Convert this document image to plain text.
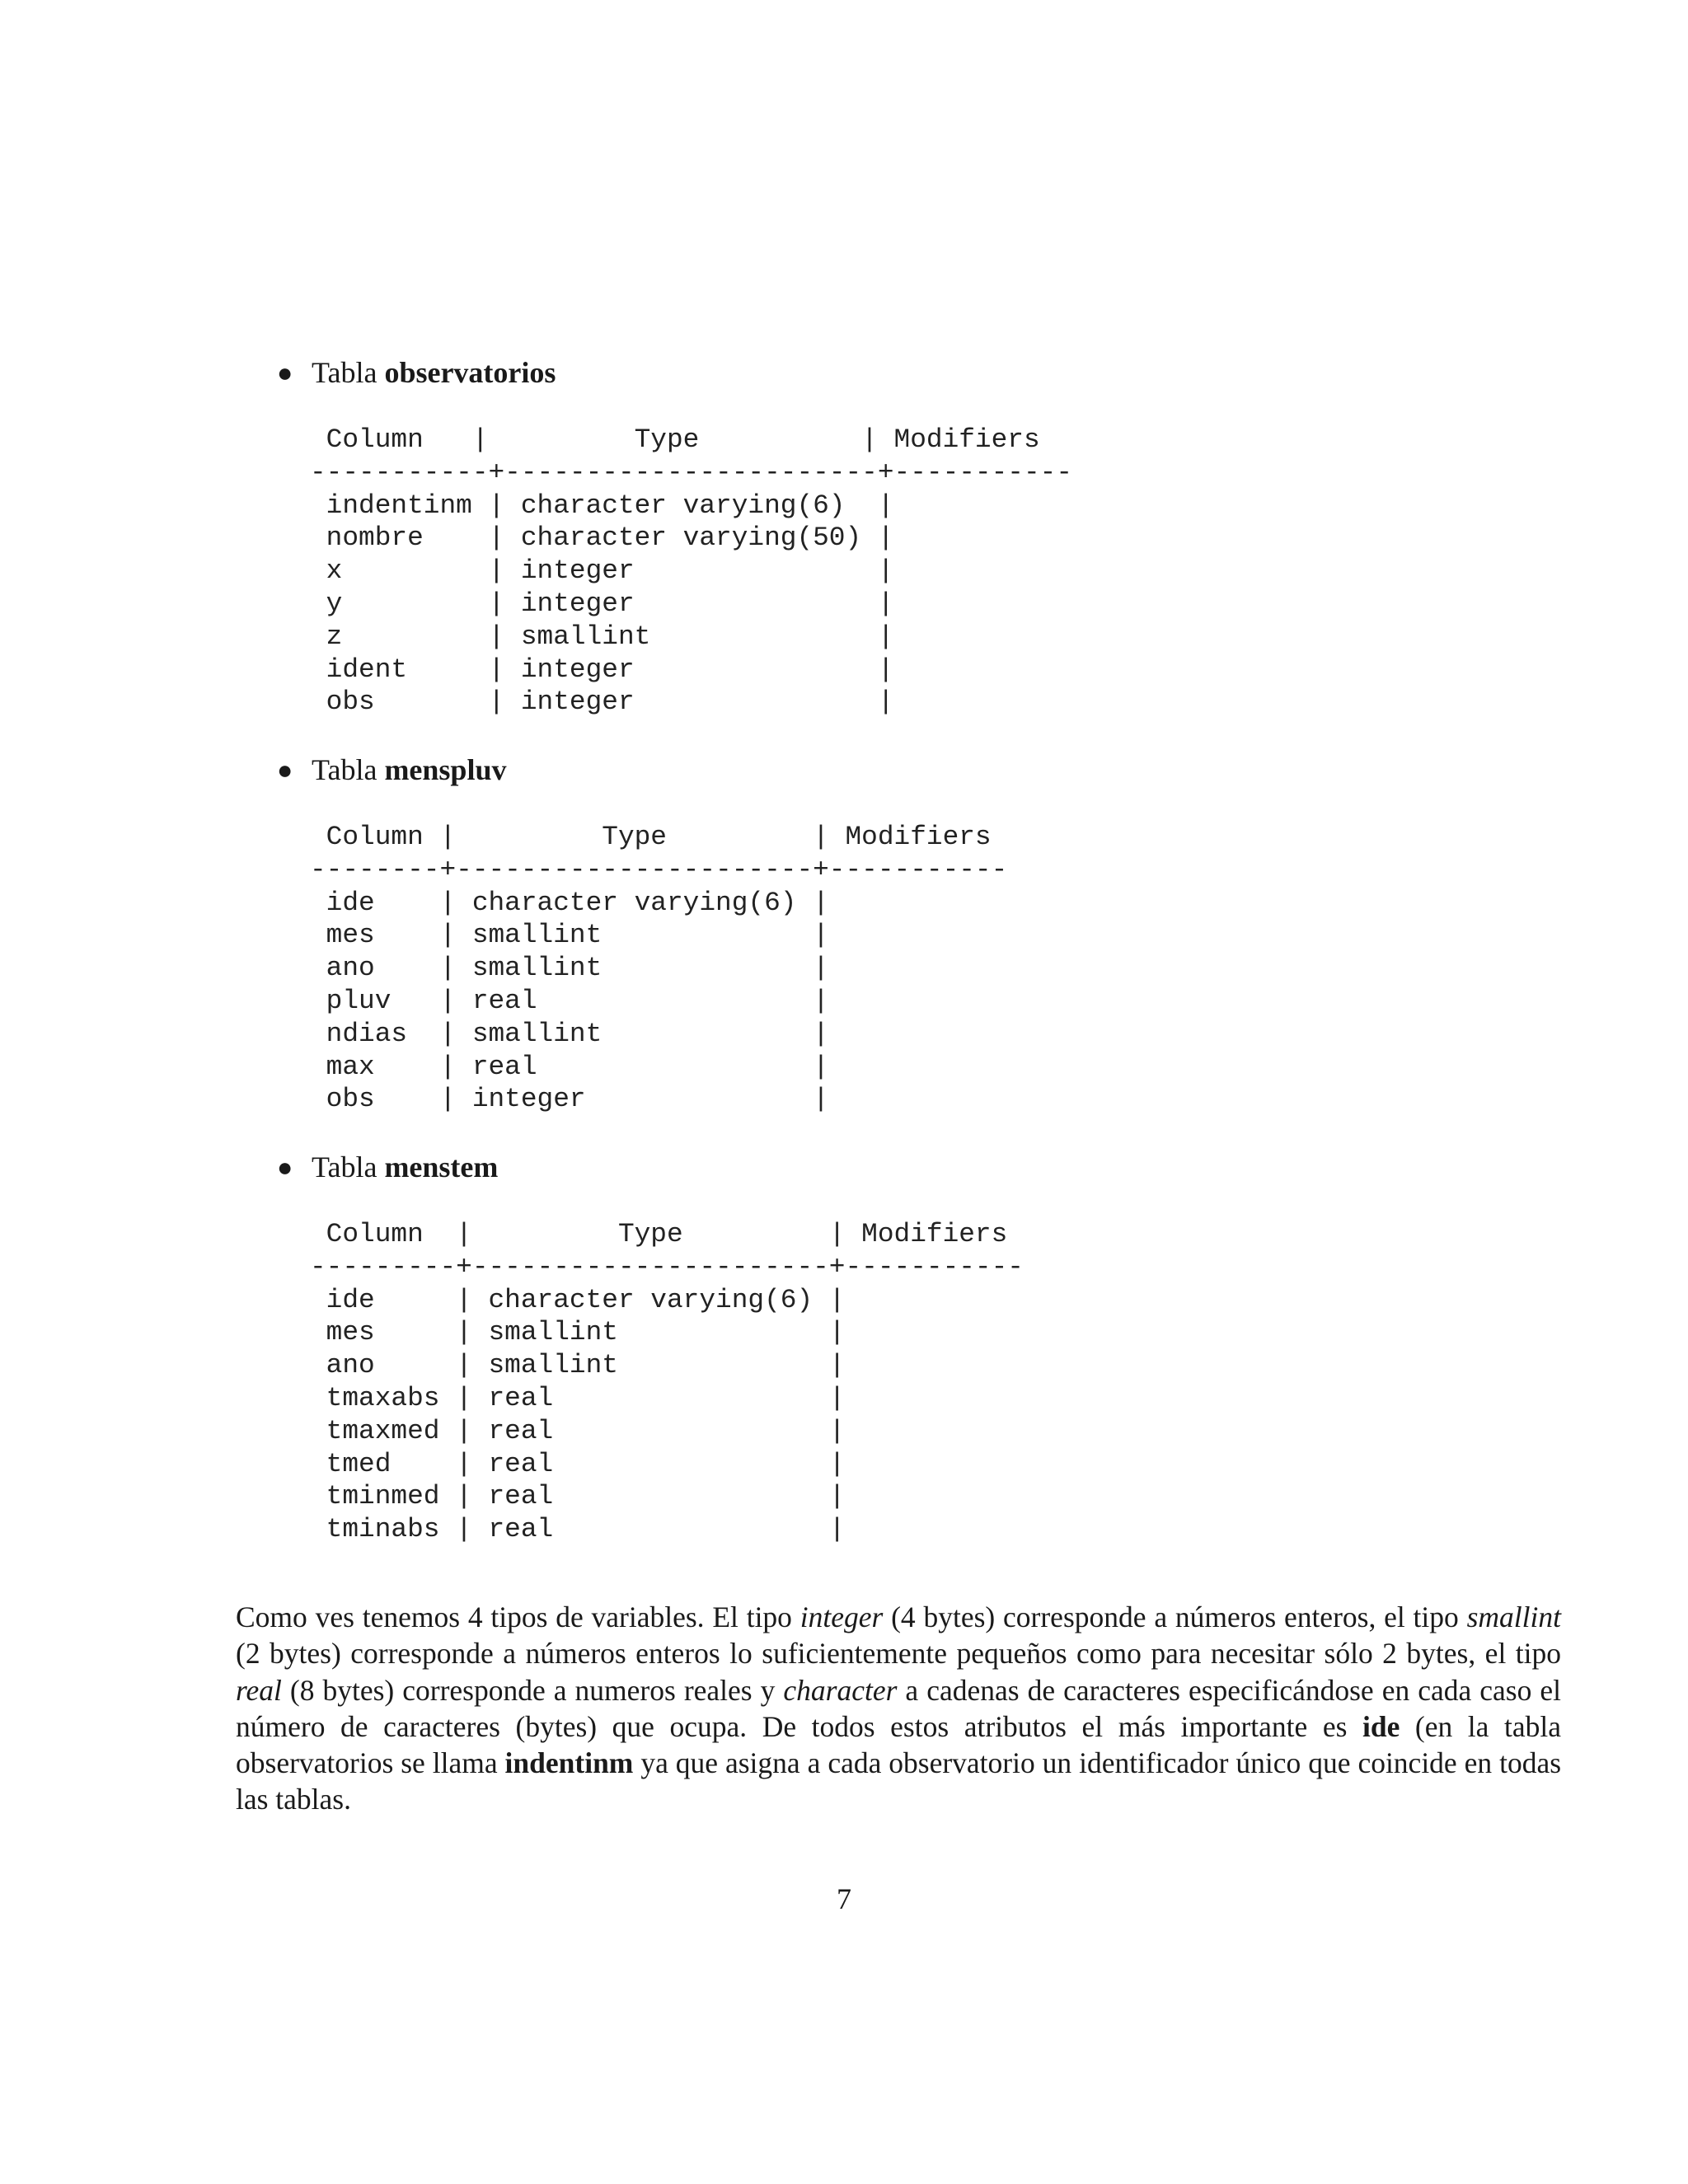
● Tabla observatorios
Column   |         Type          | Modifiers
-----------+-----------------------+-----------
indentinm | character varying(6)  |
nombre    | character varying(50) |
x         | integer               |
y         | integer               |
z         | smallint              |
ident     | integer               |
obs       | integer               |
● Tabla menspluv
Column |         Type         | Modifiers
--------+----------------------+-----------
ide    | character varying(6) |
mes    | smallint             |
ano    | smallint             |
pluv   | real                 |
ndias  | smallint             |
max    | real                 |
obs    | integer              |
● Tabla menstem
Column  |         Type         | Modifiers
---------+----------------------+-----------
ide     | character varying(6) |
mes     | smallint             |
ano     | smallint             |
tmaxabs | real                 |
tmaxmed | real                 |
tmed    | real                 |
tminmed | real                 |
tminabs | real                 |
Como ves tenemos 4 tipos de variables. El tipo integer (4 bytes) corresponde a números enteros, el tipo smallint (2 bytes) corresponde a números enteros lo suficientemente pequeños como para necesitar sólo 2 bytes, el tipo real (8 bytes) corresponde a numeros reales y character a cadenas de caracteres especificándose en cada caso el número de caracteres (bytes) que ocupa. De todos estos atributos el más importante es ide (en la tabla observatorios se llama indentinm ya que asigna a cada observatorio un identificador único que coincide en todas las tablas.
7
